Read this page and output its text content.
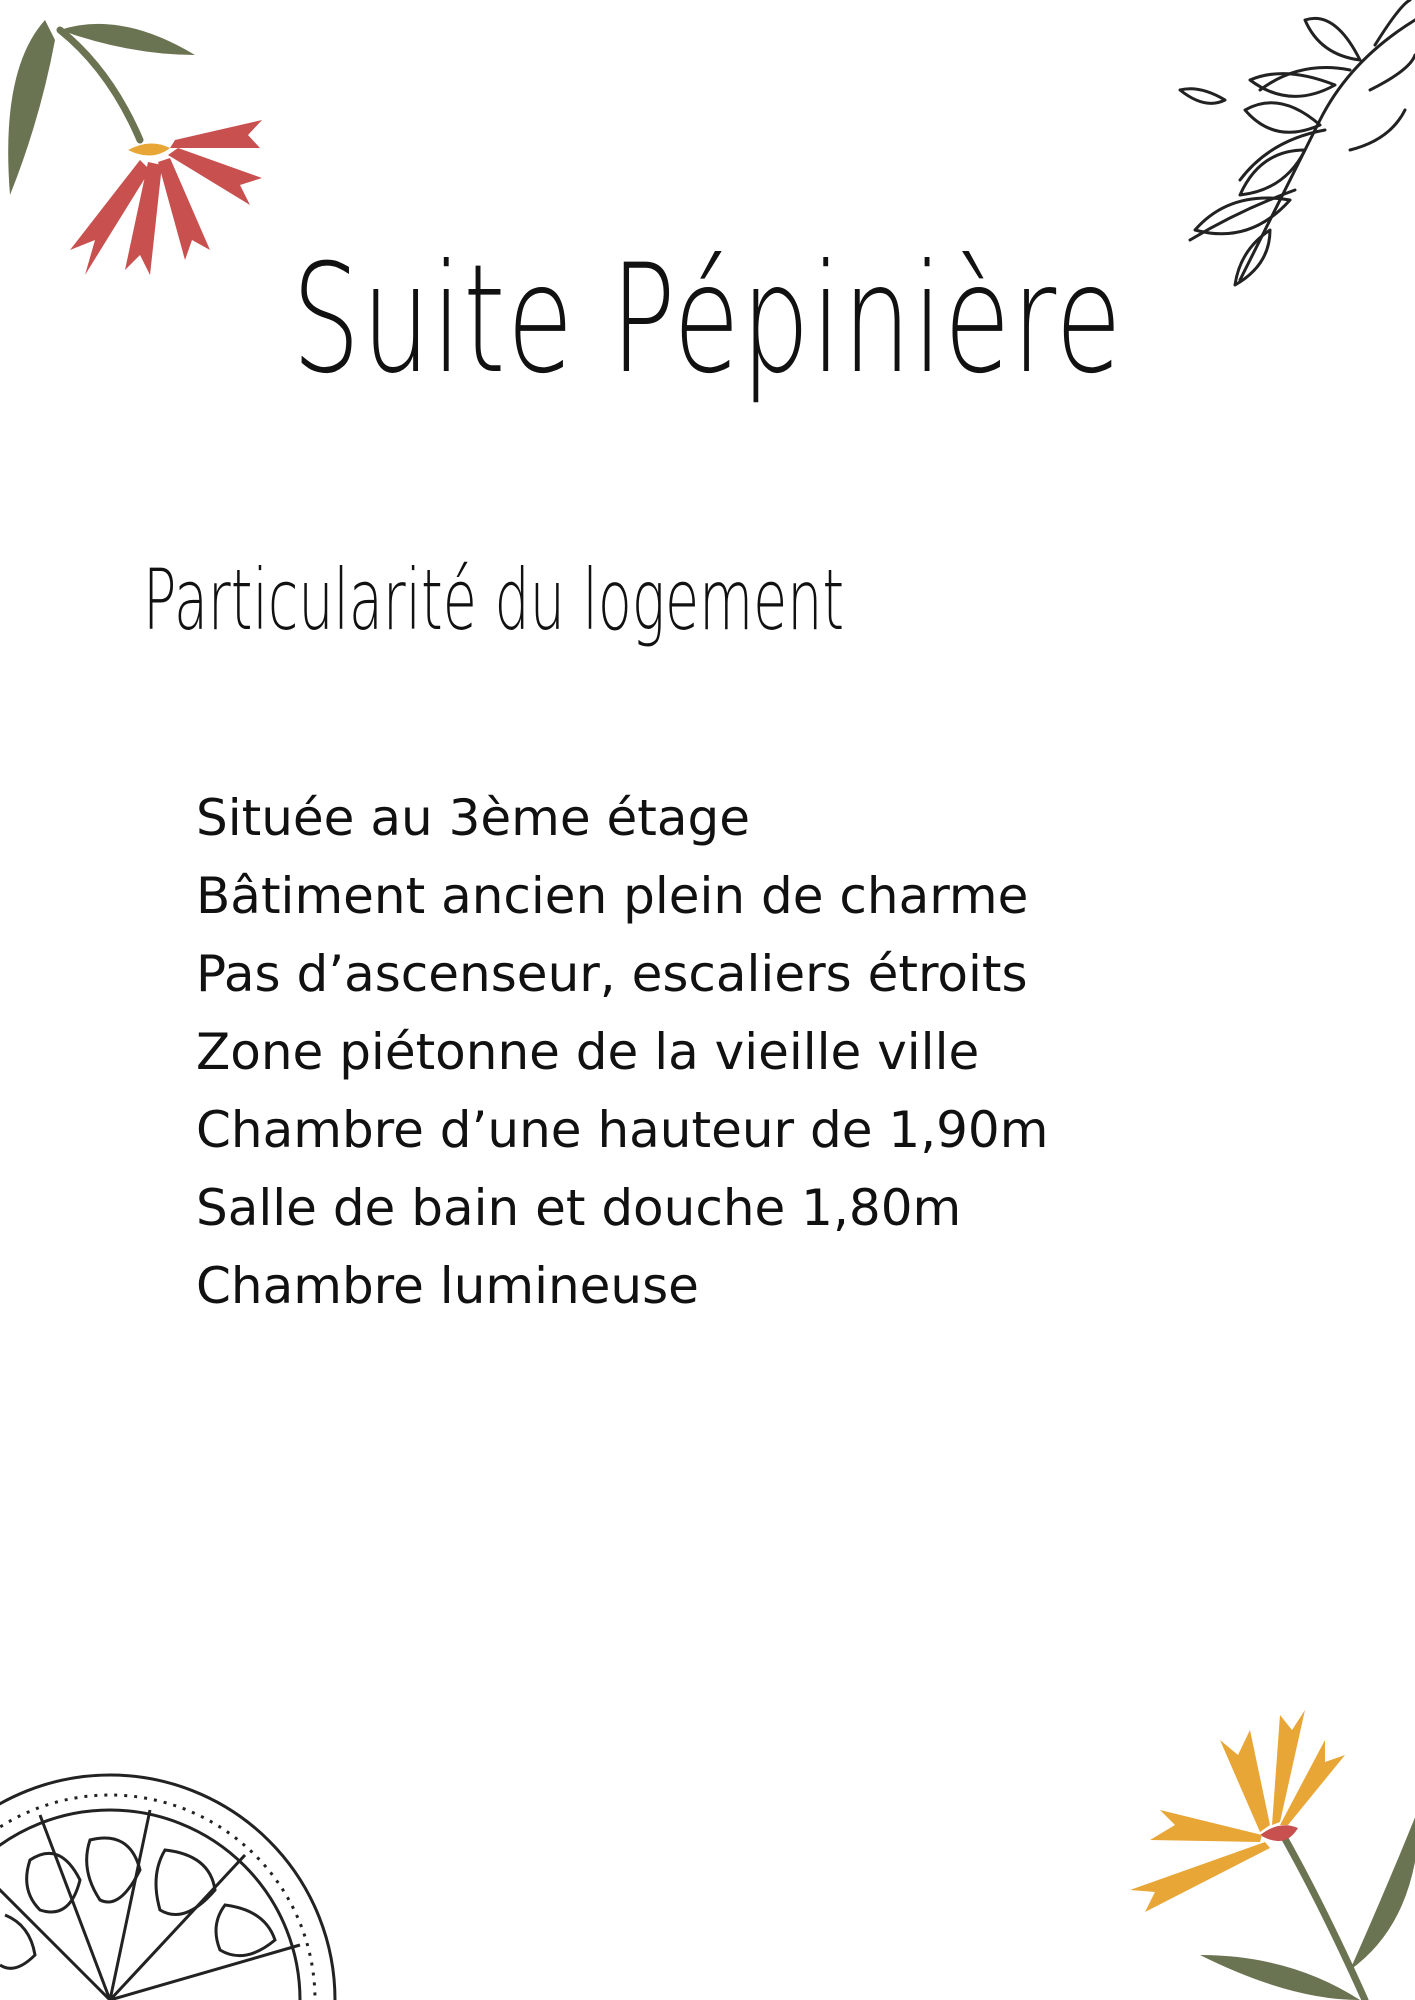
Suite Pépinière
Particularité du logement
Située au 3ème étage
Bâtiment ancien plein de charme
Pas d’ascenseur, escaliers étroits
Zone piétonne de la vieille ville
Chambre d’une hauteur de 1,90m
Salle de bain et douche 1,80m
Chambre lumineuse
